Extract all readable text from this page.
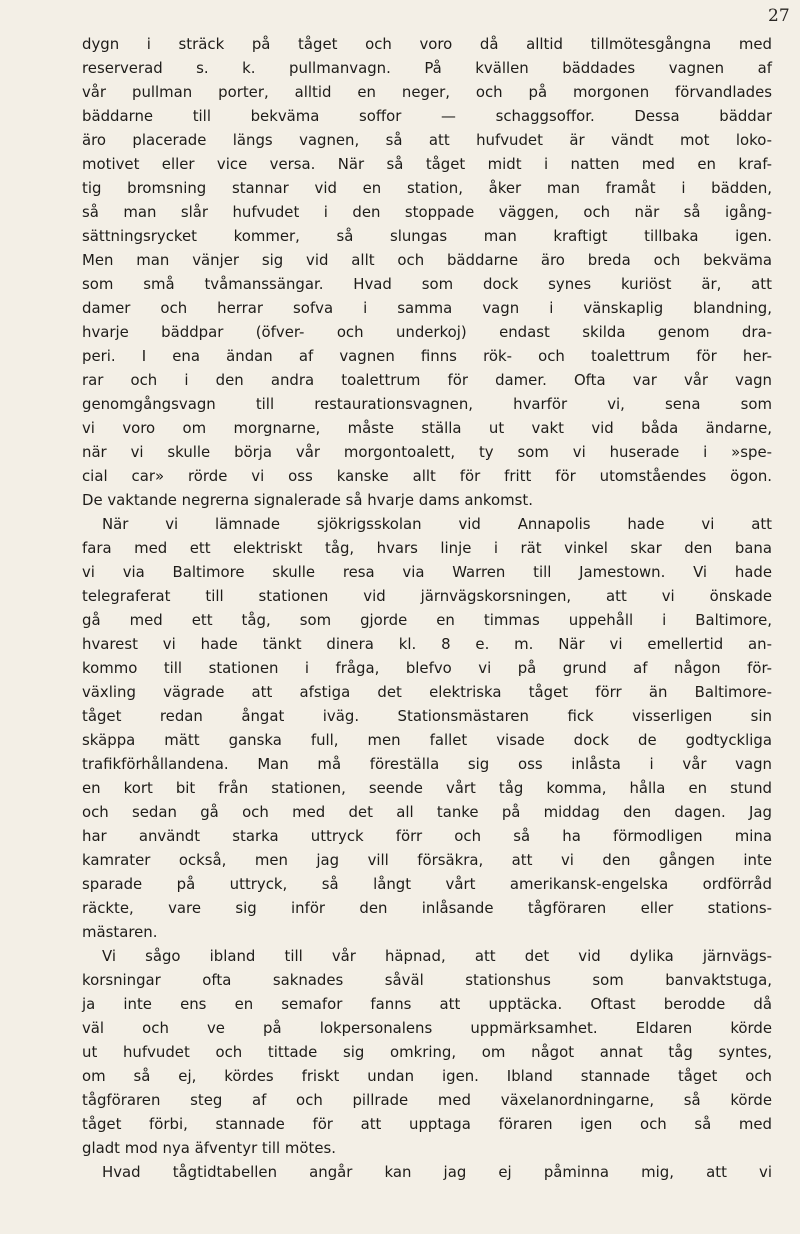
27
dygn i sträck på tåget och voro då alltid tillmötesgångna med
reserverad s. k. pullmanvagn. På kvällen bäddades vagnen af
vår pullman porter, alltid en neger, och på morgonen förvandlades
bäddarne till bekväma soffor — schaggsoffor. Dessa bäddar
äro placerade längs vagnen, så att hufvudet är vändt mot loko-
motivet eller vice versa. När så tåget midt i natten med en kraf-
tig bromsning stannar vid en station, åker man framåt i bädden,
så man slår hufvudet i den stoppade väggen, och när så igång-
sättningsrycket kommer, så slungas man kraftigt tillbaka igen.
Men man vänjer sig vid allt och bäddarne äro breda och bekväma
som små tvåmanssängar. Hvad som dock synes kuriöst är, att
damer och herrar sofva i samma vagn i vänskaplig blandning,
hvarje bäddpar (öfver- och underkoj) endast skilda genom dra-
peri. I ena ändan af vagnen finns rök- och toalettrum för her-
rar och i den andra toalettrum för damer. Ofta var vår vagn
genomgångsvagn till restaurationsvagnen, hvarför vi, sena som
vi voro om morgnarne, måste ställa ut vakt vid båda ändarne,
när vi skulle börja vår morgontoalett, ty som vi huserade i »spe-
cial car» rörde vi oss kanske allt för fritt för utomståendes ögon.
De vaktande negrerna signalerade så hvarje dams ankomst.
När vi lämnade sjökrigsskolan vid Annapolis hade vi att
fara med ett elektriskt tåg, hvars linje i rät vinkel skar den bana
vi via Baltimore skulle resa via Warren till Jamestown. Vi hade
telegraferat till stationen vid järnvägskorsningen, att vi önskade
gå med ett tåg, som gjorde en timmas uppehåll i Baltimore,
hvarest vi hade tänkt dinera kl. 8 e. m. När vi emellertid an-
kommo till stationen i fråga, blefvo vi på grund af någon för-
växling vägrade att afstiga det elektriska tåget förr än Baltimore-
tåget redan ångat iväg. Stationsmästaren fick visserligen sin
skäppa mätt ganska full, men fallet visade dock de godtyckliga
trafikförhållandena. Man må föreställa sig oss inlåsta i vår vagn
en kort bit från stationen, seende vårt tåg komma, hålla en stund
och sedan gå och med det all tanke på middag den dagen. Jag
har användt starka uttryck förr och så ha förmodligen mina
kamrater också, men jag vill försäkra, att vi den gången inte
sparade på uttryck, så långt vårt amerikansk-engelska ordförråd
räckte, vare sig inför den inlåsande tågföraren eller stations-
mästaren.
Vi sågo ibland till vår häpnad, att det vid dylika järnvägs-
korsningar ofta saknades såväl stationshus som banvaktstuga,
ja inte ens en semafor fanns att upptäcka. Oftast berodde då
väl och ve på lokpersonalens uppmärksamhet. Eldaren körde
ut hufvudet och tittade sig omkring, om något annat tåg syntes,
om så ej, kördes friskt undan igen. Ibland stannade tåget och
tågföraren steg af och pillrade med växelanordningarne, så körde
tåget förbi, stannade för att upptaga föraren igen och så med
gladt mod nya äfventyr till mötes.
Hvad tågtidtabellen angår kan jag ej påminna mig, att vi
